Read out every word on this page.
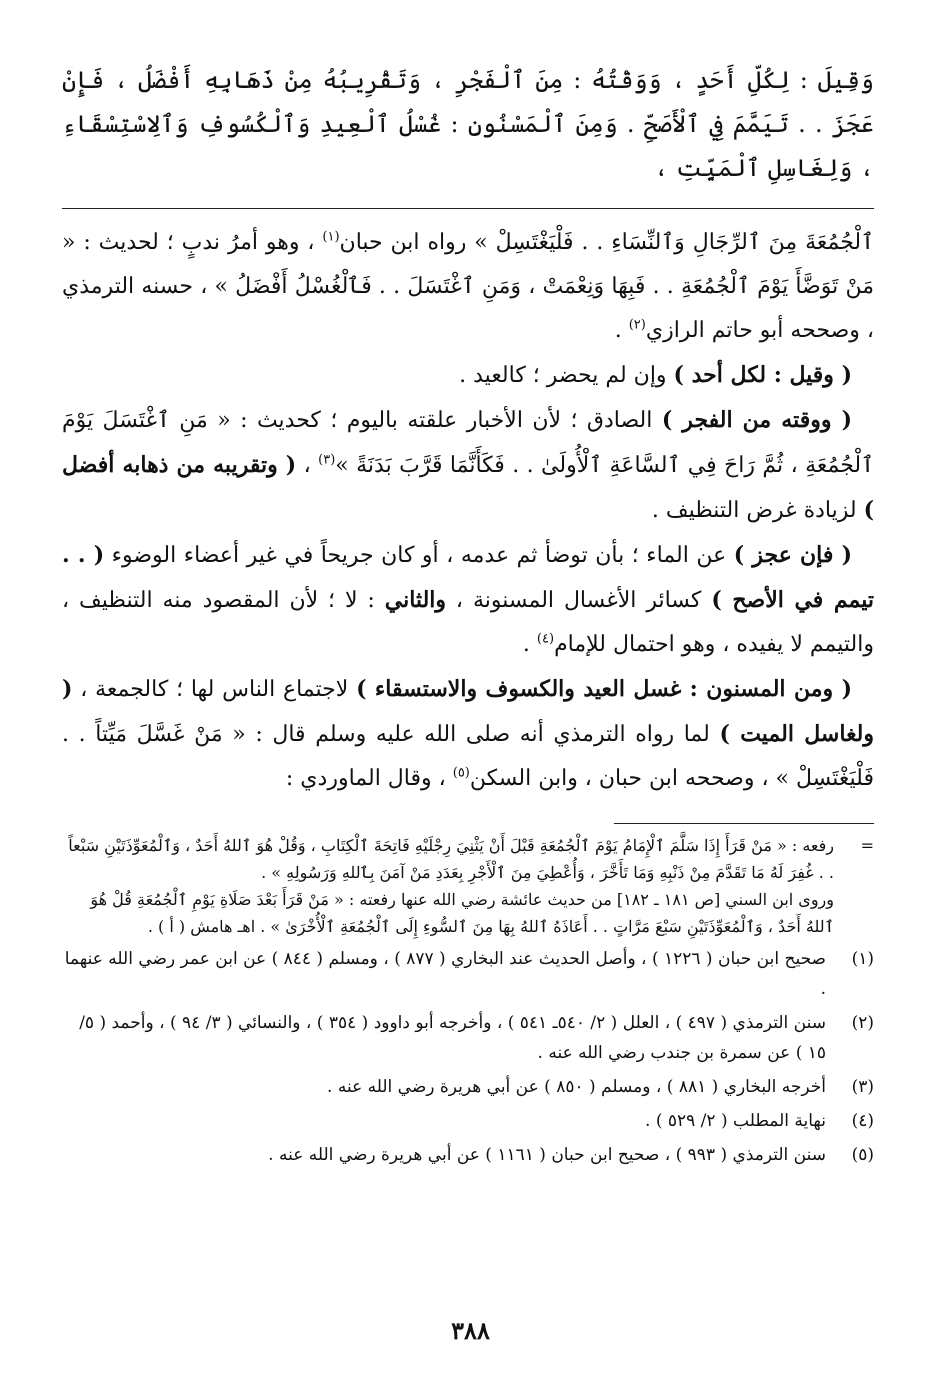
وَقِيلَ : لِكُلِّ أَحَدٍ ، وَوَقْتُهُ : مِنَ ٱلْفَجْرِ ، وَتَقْرِيبُهُ مِنْ ذَهَابِهِ أَفْضَلُ ، فَإِنْ عَجَزَ . . تَيَمَّمَ فِي ٱلْأَصَحِّ . وَمِنَ ٱلْمَسْنُونِ : غُسْلُ ٱلْعِيدِ وَٱلْكُسُوفِ وَٱلِاسْتِسْقَاءِ ، وَلِغَاسِلِ ٱلْمَيِّتِ ،

ٱلْجُمُعَةَ مِنَ ٱلرِّجَالِ وَٱلنِّسَاءِ . . فَلْيَغْتَسِلْ » رواه ابن حبان$^{(١)}$ ، وهو أمرُ ندبٍ ؛ لحديث : « مَنْ تَوَضَّأَ يَوْمَ ٱلْجُمُعَةِ . . فَبِهَا وَنِعْمَتْ ، وَمَنِ ٱغْتَسَلَ . . فَٱلْغُسْلُ أَفْضَلُ » ، حسنه الترمذي ، وصححه أبو حاتم الرازي$^{(٢)}$ .

( وقيل : لكل أحد ) وإن لم يحضر ؛ كالعيد .

( ووقته من الفجر ) الصادق ؛ لأن الأخبار علقته باليوم ؛ كحديث : « مَنِ ٱغْتَسَلَ يَوْمَ ٱلْجُمُعَةِ ، ثُمَّ رَاحَ فِي ٱلسَّاعَةِ ٱلْأُولَىٰ . . فَكَأَنَّمَا قَرَّبَ بَدَنَةً »$^{(٣)}$ ، ( وتقريبه من ذهابه أفضل ) لزيادة غرض التنظيف .

( فإن عجز ) عن الماء ؛ بأن توضأ ثم عدمه ، أو كان جريحاً في غير أعضاء الوضوء ( . . تيمم في الأصح ) كسائر الأغسال المسنونة ، والثاني : لا ؛ لأن المقصود منه التنظيف ، والتيمم لا يفيده ، وهو احتمال للإمام$^{(٤)}$ .

( ومن المسنون : غسل العيد والكسوف والاستسقاء ) لاجتماع الناس لها ؛ كالجمعة ، ( ولغاسل الميت ) لما رواه الترمذي أنه صلى الله عليه وسلم قال : « مَنْ غَسَّلَ مَيِّتاً . . فَلْيَغْتَسِلْ » ، وصححه ابن حبان ، وابن السكن$^{(٥)}$ ، وقال الماوردي :

=

رفعه : « مَنْ قَرَأَ إِذَا سَلَّمَ ٱلْإِمَامُ يَوْمَ ٱلْجُمُعَةِ قَبْلَ أَنْ يَثْنِيَ رِجْلَيْهِ فَاتِحَةَ ٱلْكِتَابِ ، وَقُلْ هُوَ ٱللهُ أَحَدٌ ، وَٱلْمُعَوِّذَتَيْنِ سَبْعاً . . غُفِرَ لَهُ مَا تَقَدَّمَ مِنْ ذَنْبِهِ وَمَا تَأَخَّرَ ، وَأُعْطِيَ مِنَ ٱلْأَجْرِ بِعَدَدِ مَنْ آمَنَ بِٱللهِ وَرَسُولِهِ » .

وروى ابن السني [ص ١٨١ ـ ١٨٢] من حديث عائشة رضي الله عنها رفعته : « مَنْ قَرَأَ بَعْدَ صَلَاةِ يَوْمِ ٱلْجُمُعَةِ قُلْ هُوَ ٱللهُ أَحَدٌ ، وَٱلْمُعَوِّذَتَيْنِ سَبْعَ مَرَّاتٍ . . أَعَاذَهُ ٱللهُ بِهَا مِنَ ٱلسُّوءِ إِلَى ٱلْجُمُعَةِ ٱلْأُخْرَىٰ » . اهـ هامش ( أ ) .

(١)
صحيح ابن حبان ( ١٢٢٦ ) ، وأصل الحديث عند البخاري ( ٨٧٧ ) ، ومسلم ( ٨٤٤ ) عن ابن عمر رضي الله عنهما .
(٢)
سنن الترمذي ( ٤٩٧ ) ، العلل ( ٢/ ٥٤٠ـ ٥٤١ ) ، وأخرجه أبو داوود ( ٣٥٤ ) ، والنسائي ( ٣/ ٩٤ ) ، وأحمد ( ٥/ ١٥ ) عن سمرة بن جندب رضي الله عنه .
(٣)
أخرجه البخاري ( ٨٨١ ) ، ومسلم ( ٨٥٠ ) عن أبي هريرة رضي الله عنه .
(٤)
نهاية المطلب ( ٢/ ٥٢٩ ) .
(٥)
سنن الترمذي ( ٩٩٣ ) ، صحيح ابن حبان ( ١١٦١ ) عن أبي هريرة رضي الله عنه .
٣٨٨
